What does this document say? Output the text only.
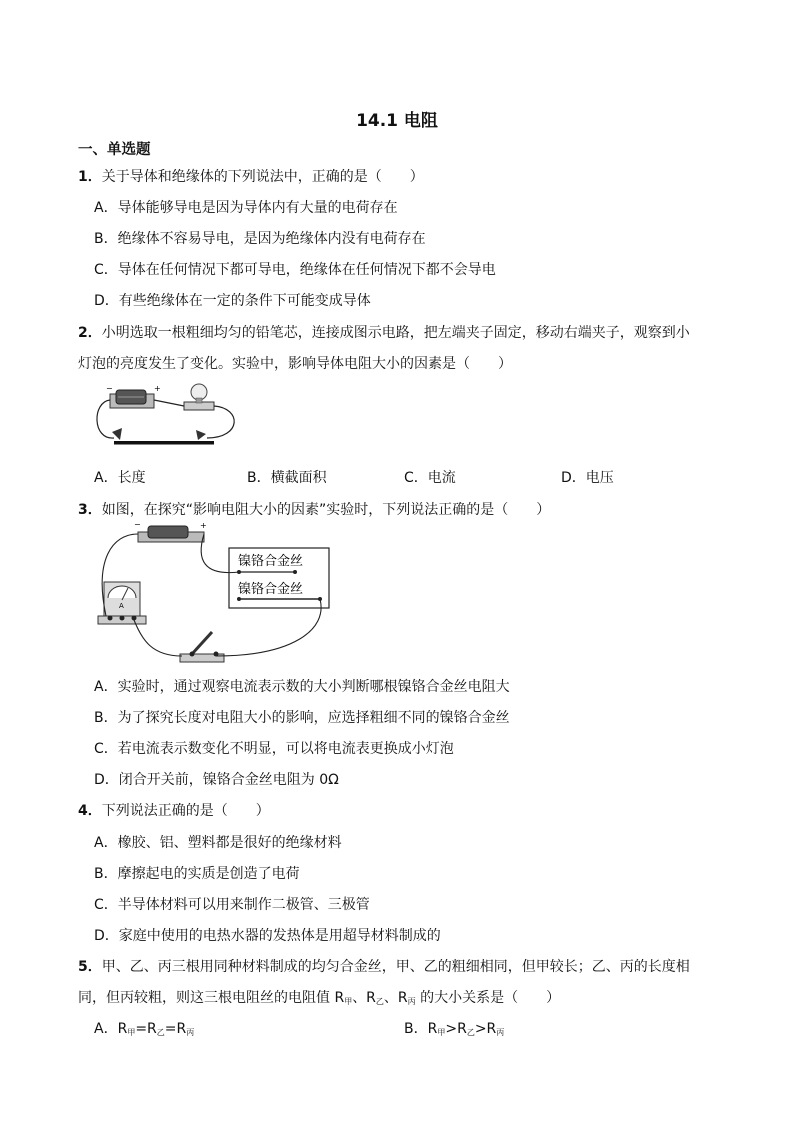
14.1 电阻
一、单选题
1．关于导体和绝缘体的下列说法中，正确的是（　　）
A．导体能够导电是因为导体内有大量的电荷存在
B．绝缘体不容易导电，是因为绝缘体内没有电荷存在
C．导体在任何情况下都可导电，绝缘体在任何情况下都不会导电
D．有些绝缘体在一定的条件下可能变成导体
2．小明选取一根粗细均匀的铅笔芯，连接成图示电路，把左端夹子固定，移动右端夹子，观察到小
灯泡的亮度发生了变化。实验中，影响导体电阻大小的因素是（　　）
−	+
A．长度	B．横截面积	C．电流	D．电压
3．如图，在探究“影响电阻大小的因素”实验时，下列说法正确的是（　　）
−	+
镍铬合金丝
镍铬合金丝
A
A．实验时，通过观察电流表示数的大小判断哪根镍铬合金丝电阻大
B．为了探究长度对电阻大小的影响，应选择粗细不同的镍铬合金丝
C．若电流表示数变化不明显，可以将电流表更换成小灯泡
D．闭合开关前，镍铬合金丝电阻为 0Ω
4．下列说法正确的是（　　）
A．橡胶、铝、塑料都是很好的绝缘材料
B．摩擦起电的实质是创造了电荷
C．半导体材料可以用来制作二极管、三极管
D．家庭中使用的电热水器的发热体是用超导材料制成的
5．甲、乙、丙三根用同种材料制成的均匀合金丝，甲、乙的粗细相同，但甲较长；乙、丙的长度相
同，但丙较粗，则这三根电阻丝的电阻值 $R_甲$、$R_乙$、$R_丙$ 的大小关系是（　　）
A．$R_甲=R_乙=R_丙$	B．$R_甲>R_乙>R_丙$
